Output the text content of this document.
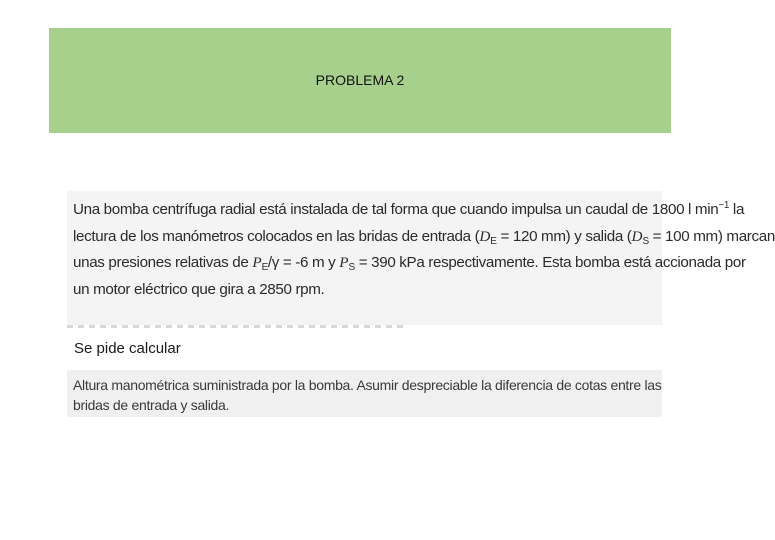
PROBLEMA 2
Una bomba centrífuga radial está instalada de tal forma que cuando impulsa un caudal de 1800 l $\min^{-1}$ la
lectura de los manómetros colocados en las bridas de entrada ($D_E = 120$ mm) y salida ($D_S = 100$ mm) marcan
unas presiones relativas de $P_E/\gamma = -6$ m y $P_S = 390$ kPa respectivamente. Esta bomba está accionada por
un motor eléctrico que gira a 2850 rpm.
Se pide calcular
Altura manométrica suministrada por la bomba. Asumir despreciable la diferencia de cotas entre las
bridas de entrada y salida.
